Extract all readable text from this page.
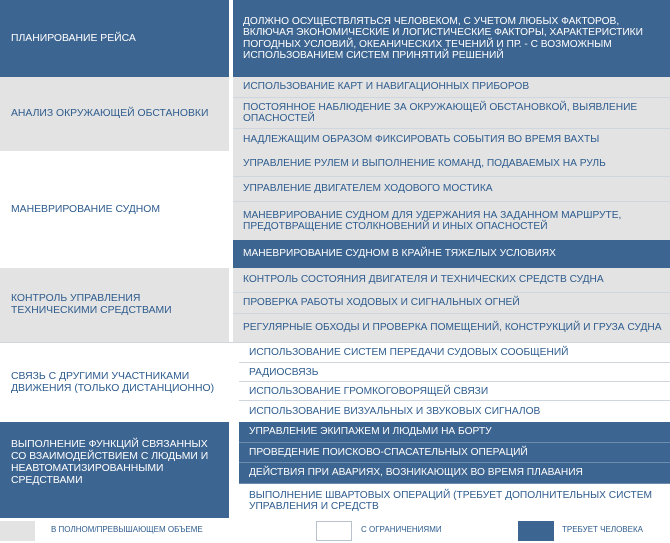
ПЛАНИРОВАНИЕ РЕЙСА
ДОЛЖНО ОСУЩЕСТВЛЯТЬСЯ ЧЕЛОВЕКОМ, С УЧЕТОМ ЛЮБЫХ ФАКТОРОВ, ВКЛЮЧАЯ ЭКОНОМИЧЕСКИЕ И ЛОГИСТИЧЕСКИЕ ФАКТОРЫ, ХАРАКТЕРИСТИКИ ПОГОДНЫХ УСЛОВИЙ, ОКЕАНИЧЕСКИХ ТЕЧЕНИЙ И ПР. - С ВОЗМОЖНЫМ ИСПОЛЬЗОВАНИЕМ СИСТЕМ ПРИНЯТИЙ РЕШЕНИЙ
АНАЛИЗ ОКРУЖАЮЩЕЙ ОБСТАНОВКИ
ИСПОЛЬЗОВАНИЕ КАРТ И НАВИГАЦИОННЫХ ПРИБОРОВ
ПОСТОЯННОЕ НАБЛЮДЕНИЕ ЗА ОКРУЖАЮЩЕЙ ОБСТАНОВКОЙ, ВЫЯВЛЕНИЕ ОПАСНОСТЕЙ
НАДЛЕЖАЩИМ ОБРАЗОМ ФИКСИРОВАТЬ СОБЫТИЯ ВО ВРЕМЯ ВАХТЫ
МАНЕВРИРОВАНИЕ СУДНОМ
УПРАВЛЕНИЕ РУЛЕМ И ВЫПОЛНЕНИЕ КОМАНД, ПОДАВАЕМЫХ НА РУЛЬ
УПРАВЛЕНИЕ ДВИГАТЕЛЕМ ХОДОВОГО МОСТИКА
МАНЕВРИРОВАНИЕ СУДНОМ ДЛЯ УДЕРЖАНИЯ НА ЗАДАННОМ МАРШРУТЕ, ПРЕДОТВРАЩЕНИЕ СТОЛКНОВЕНИЙ И ИНЫХ ОПАСНОСТЕЙ
МАНЕВРИРОВАНИЕ СУДНОМ В КРАЙНЕ ТЯЖЕЛЫХ УСЛОВИЯХ
КОНТРОЛЬ УПРАВЛЕНИЯ ТЕХНИЧЕСКИМИ СРЕДСТВАМИ
КОНТРОЛЬ СОСТОЯНИЯ ДВИГАТЕЛЯ И ТЕХНИЧЕСКИХ СРЕДСТВ СУДНА
ПРОВЕРКА РАБОТЫ ХОДОВЫХ И СИГНАЛЬНЫХ ОГНЕЙ
РЕГУЛЯРНЫЕ ОБХОДЫ И ПРОВЕРКА ПОМЕЩЕНИЙ, КОНСТРУКЦИЙ И ГРУЗА СУДНА
СВЯЗЬ С ДРУГИМИ УЧАСТНИКАМИ ДВИЖЕНИЯ (ТОЛЬКО ДИСТАНЦИОННО)
ИСПОЛЬЗОВАНИЕ СИСТЕМ ПЕРЕДАЧИ СУДОВЫХ СООБЩЕНИЙ
РАДИОСВЯЗЬ
ИСПОЛЬЗОВАНИЕ ГРОМКОГОВОРЯЩЕЙ СВЯЗИ
ИСПОЛЬЗОВАНИЕ ВИЗУАЛЬНЫХ И ЗВУКОВЫХ СИГНАЛОВ
ВЫПОЛНЕНИЕ ФУНКЦИЙ СВЯЗАННЫХ СО ВЗАИМОДЕЙСТВИЕМ С ЛЮДЬМИ И НЕАВТОМАТИЗИРОВАННЫМИ СРЕДСТВАМИ
УПРАВЛЕНИЕ ЭКИПАЖЕМ И ЛЮДЬМИ НА БОРТУ
ПРОВЕДЕНИЕ ПОИСКОВО-СПАСАТЕЛЬНЫХ ОПЕРАЦИЙ
ДЕЙСТВИЯ ПРИ АВАРИЯХ, ВОЗНИКАЮЩИХ ВО ВРЕМЯ ПЛАВАНИЯ
ВЫПОЛНЕНИЕ ШВАРТОВЫХ ОПЕРАЦИЙ (ТРЕБУЕТ ДОПОЛНИТЕЛЬНЫХ СИСТЕМ УПРАВЛЕНИЯ И СРЕДСТВ
В ПОЛНОМ/ПРЕВЫШАЮЩЕМ ОБЪЕМЕ	С ОГРАНИЧЕНИЯМИ	ТРЕБУЕТ ЧЕЛОВЕКА
